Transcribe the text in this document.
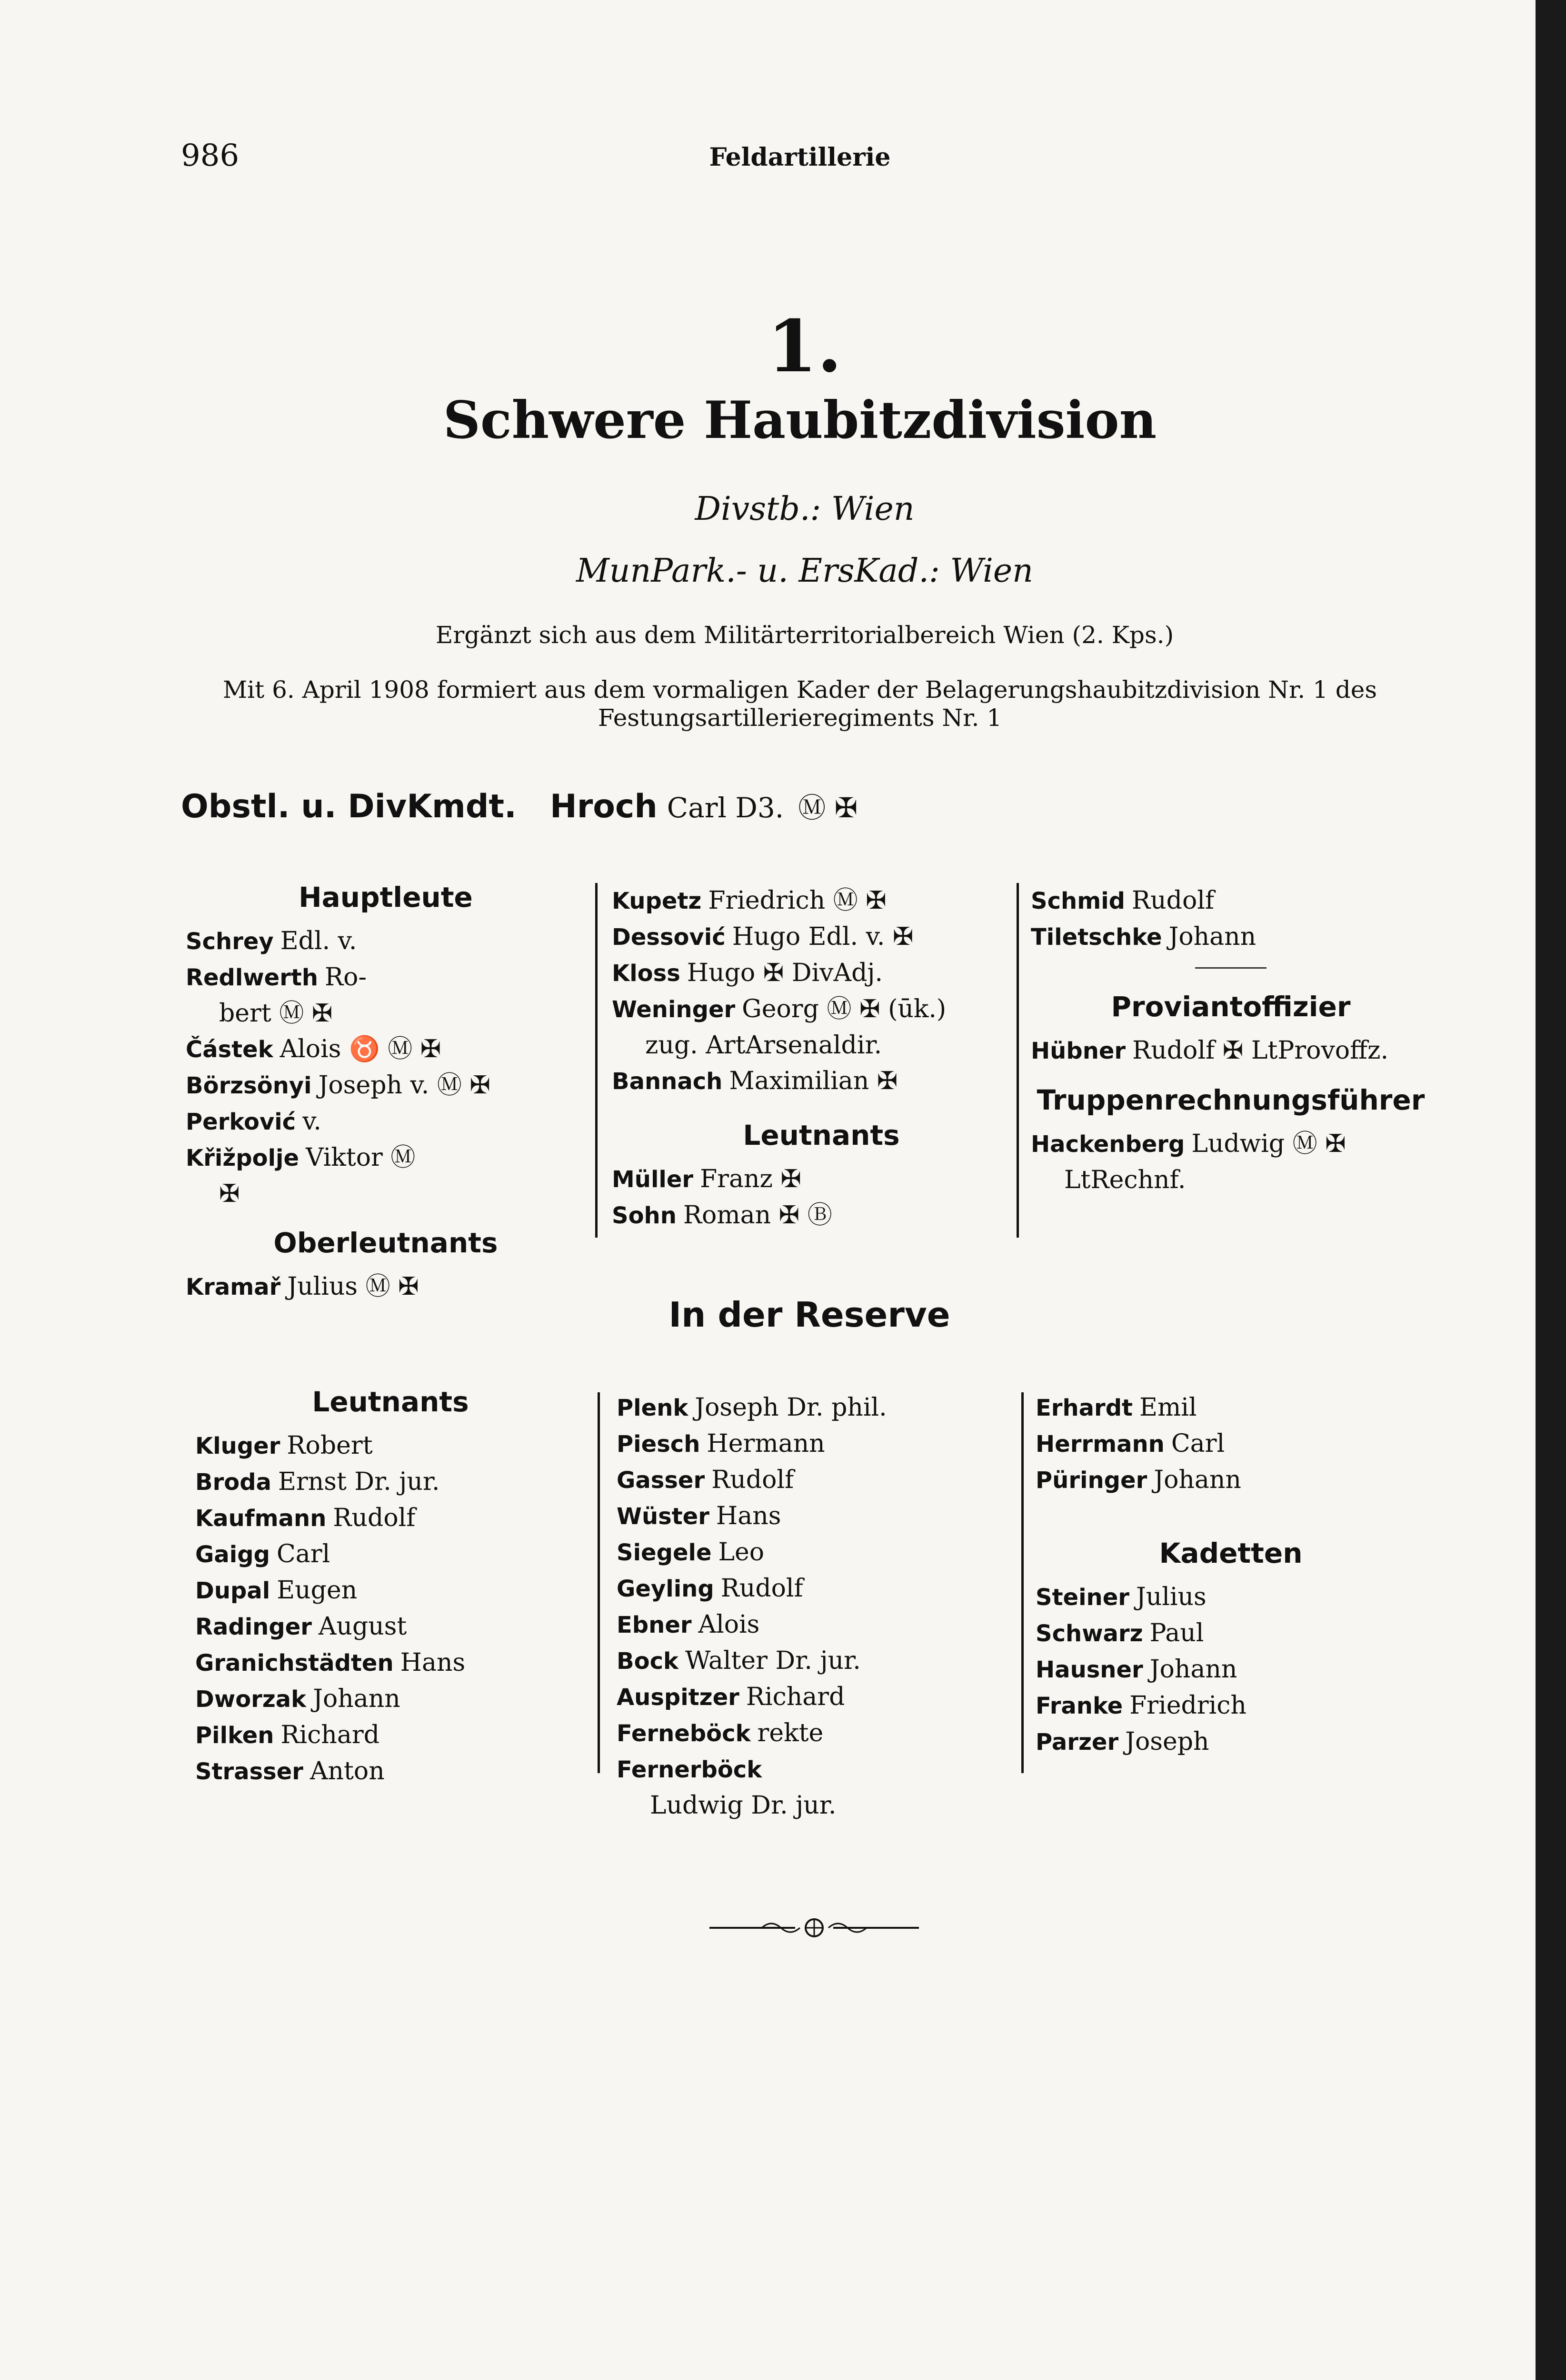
986	Feldartillerie
1.
Schwere Haubitzdivision
Divstb.: Wien
MunPark.- u. ErsKad.: Wien
Ergänzt sich aus dem Militärterritorialbereich Wien (2. Kps.)
Mit 6. April 1908 formiert aus dem vormaligen Kader der Belagerungshaubitzdivision Nr. 1 des
Festungsartillerieregiments Nr. 1
Obstl. u. DivKmdt. Hroch Carl D3. Ⓜ ✠
Hauptleute
Schrey Edl. v.
Redlwerth Ro-
bert Ⓜ ✠
Částek Alois ♉ Ⓜ ✠
Börzsönyi Joseph v. Ⓜ ✠
Perković v.
Křižpolje Viktor Ⓜ
✠
Oberleutnants
Kramař Julius Ⓜ ✠
Kupetz Friedrich Ⓜ ✠
Dessović Hugo Edl. v. ✠
Kloss Hugo ✠ DivAdj.
Weninger Georg Ⓜ ✠ (ūk.)
zug. ArtArsenaldir.
Bannach Maximilian ✠
Leutnants
Müller Franz ✠
Sohn Roman ✠ Ⓑ
Schmid Rudolf
Tiletschke Johann
Proviantoffizier
Hübner Rudolf ✠ LtProvoffz.
Truppenrechnungsführer
Hackenberg Ludwig Ⓜ ✠
LtRechnf.
In der Reserve
Leutnants
Kluger Robert
Broda Ernst Dr. jur.
Kaufmann Rudolf
Gaigg Carl
Dupal Eugen
Radinger August
Granichstädten Hans
Dworzak Johann
Pilken Richard
Strasser Anton
Plenk Joseph Dr. phil.
Piesch Hermann
Gasser Rudolf
Wüster Hans
Siegele Leo
Geyling Rudolf
Ebner Alois
Bock Walter Dr. jur.
Auspitzer Richard
Ferneböck rekte
Fernerböck
Ludwig Dr. jur.
Erhardt Emil
Herrmann Carl
Püringer Johann
Kadetten
Steiner Julius
Schwarz Paul
Hausner Johann
Franke Friedrich
Parzer Joseph
